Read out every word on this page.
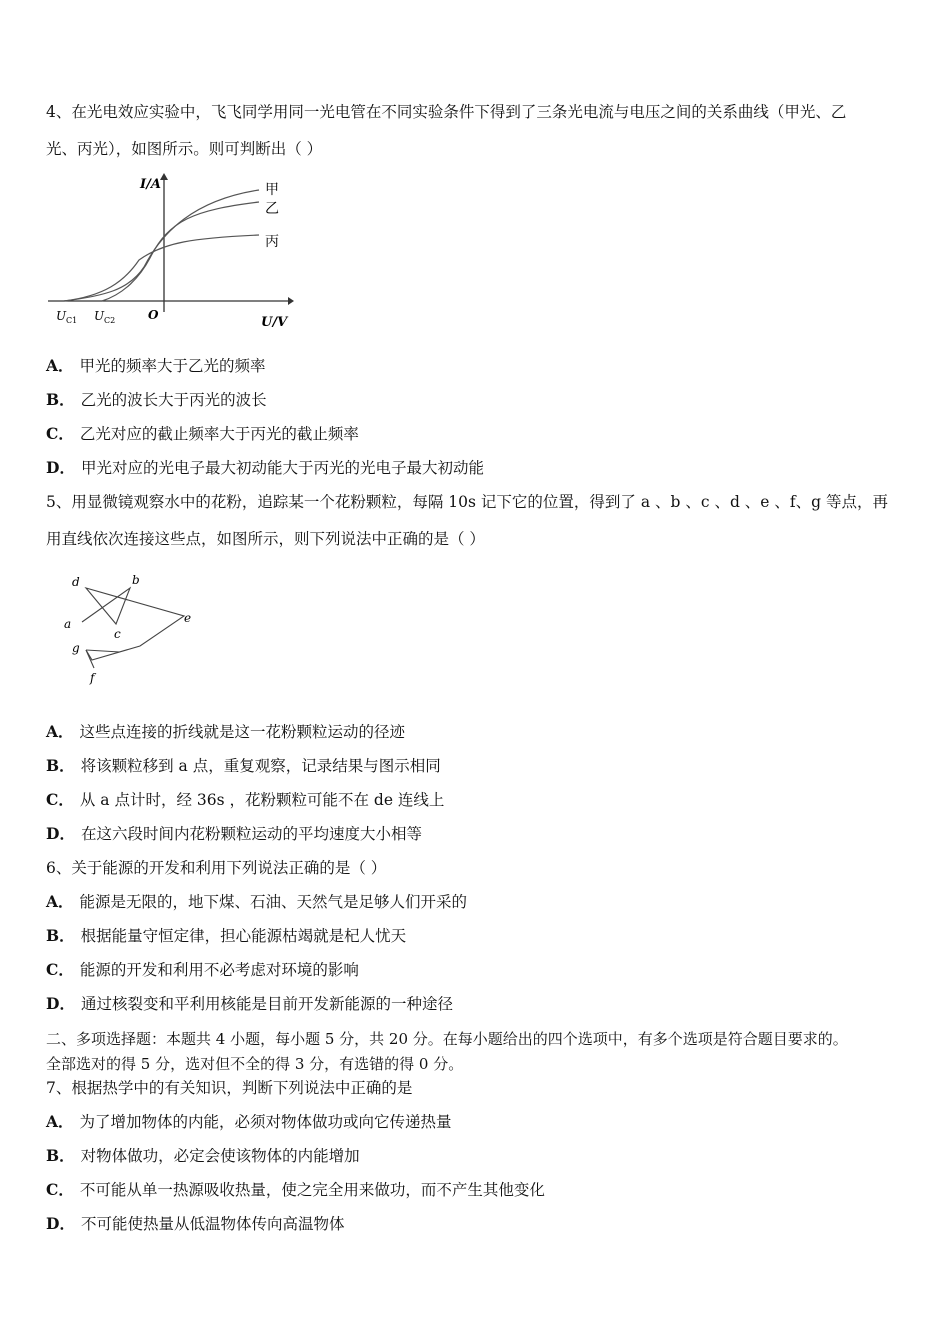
4、在光电效应实验中，飞飞同学用同一光电管在不同实验条件下得到了三条光电流与电压之间的关系曲线（甲光、乙
光、丙光），如图所示。则可判断出（ ）
I/A
U/V
甲
乙
丙
U C1 U C2	O
A． 甲光的频率大于乙光的频率
B． 乙光的波长大于丙光的波长
C． 乙光对应的截止频率大于丙光的截止频率
D． 甲光对应的光电子最大初动能大于丙光的光电子最大初动能
5、用显微镜观察水中的花粉，追踪某一个花粉颗粒，每隔 10s 记下它的位置，得到了 a 、b 、c 、d 、e 、f、g 等点，再
用直线依次连接这些点，如图所示，则下列说法中正确的是（ ）
d	b
a
c
e
g
f
A． 这些点连接的折线就是这一花粉颗粒运动的径迹
B． 将该颗粒移到 a 点，重复观察，记录结果与图示相同
C． 从 a 点计时，经 36s ，花粉颗粒可能不在 de 连线上
D． 在这六段时间内花粉颗粒运动的平均速度大小相等
6、关于能源的开发和利用下列说法正确的是（ ）
A． 能源是无限的，地下煤、石油、天然气是足够人们开采的
B． 根据能量守恒定律，担心能源枯竭就是杞人忧天
C． 能源的开发和利用不必考虑对环境的影响
D． 通过核裂变和平利用核能是目前开发新能源的一种途径
二、多项选择题：本题共 4 小题，每小题 5 分，共 20 分。在每小题给出的四个选项中，有多个选项是符合题目要求的。
全部选对的得 5 分，选对但不全的得 3 分，有选错的得 0 分。
7、根据热学中的有关知识，判断下列说法中正确的是
A． 为了增加物体的内能，必须对物体做功或向它传递热量
B． 对物体做功，必定会使该物体的内能增加
C． 不可能从单一热源吸收热量，使之完全用来做功，而不产生其他变化
D． 不可能使热量从低温物体传向高温物体
